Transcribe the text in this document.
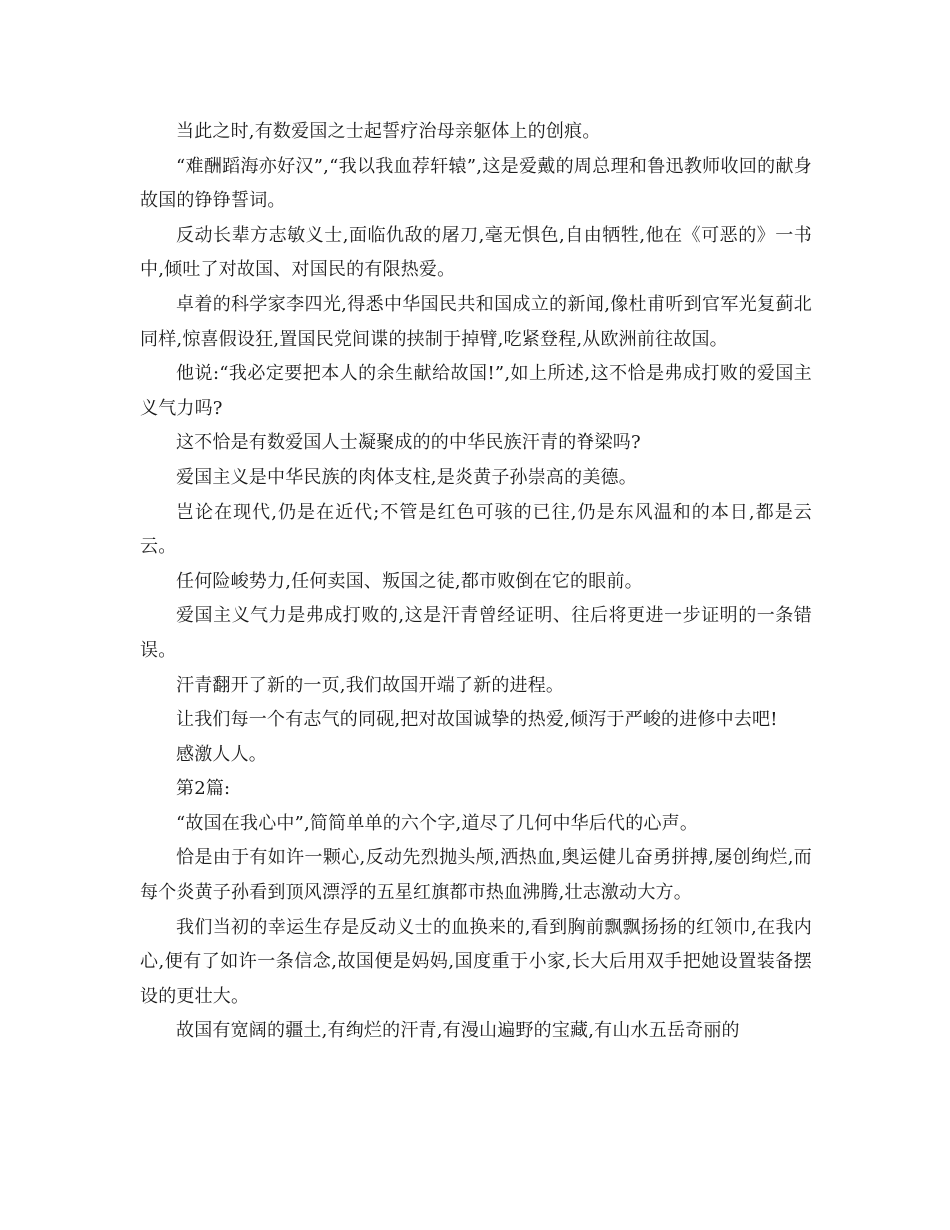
当此之时,有数爱国之士起誓疗治母亲躯体上的创痕。

“难酬蹈海亦好汉”,“我以我血荐轩辕”,这是爱戴的周总理和鲁迅教师收回的献身故国的铮铮誓词。

反动长辈方志敏义士,面临仇敌的屠刀,毫无惧色,自由牺牲,他在《可恶的》一书中,倾吐了对故国、对国民的有限热爱。

卓着的科学家李四光,得悉中华国民共和国成立的新闻,像杜甫听到官军光复蓟北同样,惊喜假设狂,置国民党间谍的挟制于掉臂,吃紧登程,从欧洲前往故国。

他说:“我必定要把本人的余生献给故国!”,如上所述,这不恰是弗成打败的爱国主义气力吗?

这不恰是有数爱国人士凝聚成的的中华民族汗青的脊梁吗?

爱国主义是中华民族的肉体支柱,是炎黄子孙崇高的美德。

岂论在现代,仍是在近代;不管是红色可骇的已往,仍是东风温和的本日,都是云云。

任何险峻势力,任何卖国、叛国之徒,都市败倒在它的眼前。

爱国主义气力是弗成打败的,这是汗青曾经证明、往后将更进一步证明的一条错误。

汗青翻开了新的一页,我们故国开端了新的进程。

让我们每一个有志气的同砚,把对故国诚挚的热爱,倾泻于严峻的进修中去吧!

感激人人。

第2篇:

“故国在我心中”,简简单单的六个字,道尽了几何中华后代的心声。

恰是由于有如许一颗心,反动先烈抛头颅,洒热血,奥运健儿奋勇拼搏,屡创绚烂,而每个炎黄子孙看到顶风漂浮的五星红旗都市热血沸腾,壮志激动大方。

我们当初的幸运生存是反动义士的血换来的,看到胸前飘飘扬扬的红领巾,在我内心,便有了如许一条信念,故国便是妈妈,国度重于小家,长大后用双手把她设置装备摆设的更壮大。

故国有宽阔的疆土,有绚烂的汗青,有漫山遍野的宝藏,有山水五岳奇丽的
